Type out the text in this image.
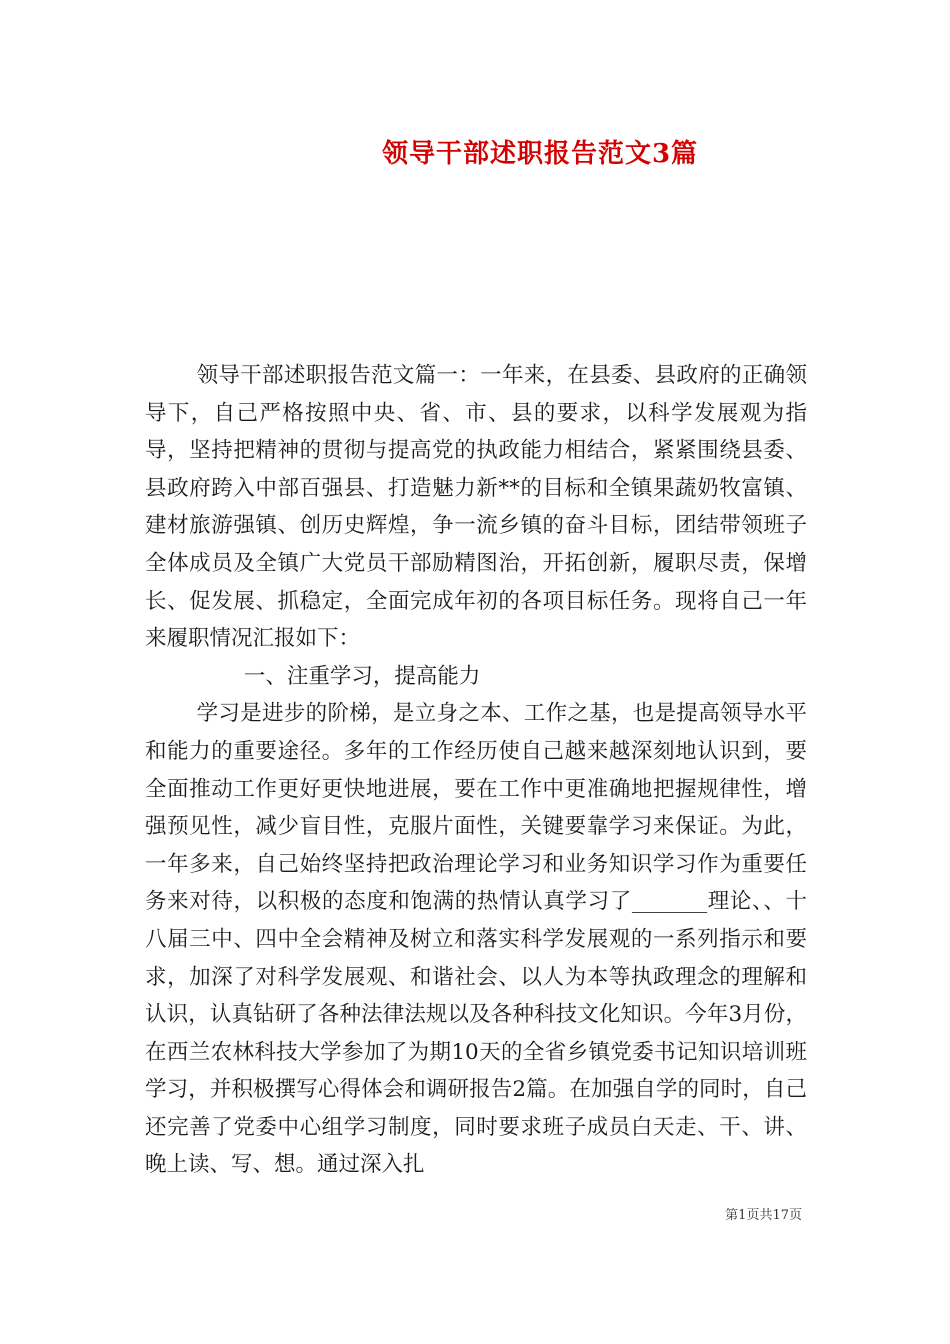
领导干部述职报告范文3篇

领导干部述职报告范文篇一：一年来，在县委、县政府的正确领导下，自己严格按照中央、省、市、县的要求，以科学发展观为指导，坚持把精神的贯彻与提高党的执政能力相结合，紧紧围绕县委、县政府跨入中部百强县、打造魅力新**的目标和全镇果蔬奶牧富镇、建材旅游强镇、创历史辉煌，争一流乡镇的奋斗目标，团结带领班子全体成员及全镇广大党员干部励精图治，开拓创新，履职尽责，保增长、促发展、抓稳定，全面完成年初的各项目标任务。现将自己一年来履职情况汇报如下：

一、注重学习，提高能力

学习是进步的阶梯，是立身之本、工作之基，也是提高领导水平和能力的重要途径。多年的工作经历使自己越来越深刻地认识到，要全面推动工作更好更快地进展，要在工作中更准确地把握规律性，增强预见性，减少盲目性，克服片面性，关键要靠学习来保证。为此，一年多来，自己始终坚持把政治理论学习和业务知识学习作为重要任务来对待，以积极的态度和饱满的热情认真学习了_______理论、、十八届三中、四中全会精神及树立和落实科学发展观的一系列指示和要求，加深了对科学发展观、和谐社会、以人为本等执政理念的理解和认识，认真钻研了各种法律法规以及各种科技文化知识。今年3月份，在西兰农林科技大学参加了为期10天的全省乡镇党委书记知识培训班学习，并积极撰写心得体会和调研报告2篇。在加强自学的同时，自己还完善了党委中心组学习制度，同时要求班子成员白天走、干、讲、晚上读、写、想。通过深入扎

第1页共17页
